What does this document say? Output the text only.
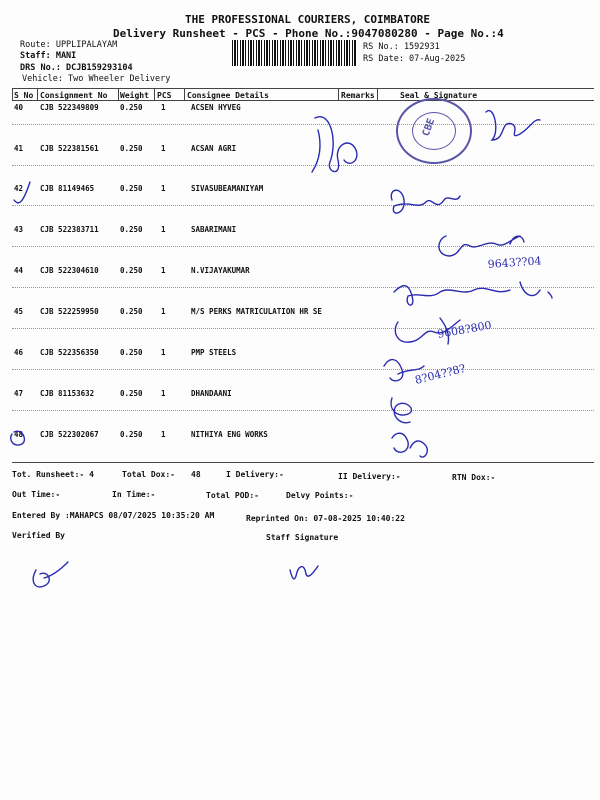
THE PROFESSIONAL COURIERS, COIMBATORE
Delivery Runsheet - PCS - Phone No.:9047080280 - Page No.:4
Route: UPPLIPALAYAM
Staff: MANI
DRS No.: DCJB159293104
Vehicle: Two Wheeler Delivery
RS No.: 1592931
RS Date: 07-Aug-2025
S No Consignment No Weight PCS Consignee Details	Remarks	Seal & Signature
40 CJB 522349809	0.250 1	ACSEN HYVEG
41 CJB 522381561	0.250 1	ACSAN AGRI
42 CJB 81149465	0.250 1	SIVASUBEAMANIYAM
43 CJB 522383711	0.250 1	SABARIMANI
44 CJB 522304610	0.250 1	N.VIJAYAKUMAR
45 CJB 522259950	0.250 1	M/S PERKS MATRICULATION HR SE
46 CJB 522356350	0.250 1	PMP STEELS
47 CJB 81153632	0.250 1	DHANDAANI
48 CJB 522302067	0.250 1	NITHIYA ENG WORKS
CBE
9643??04
9608?800
8?04??8?
Tot. Runsheet:- 4	Total Dox:- 48	I Delivery:-	II Delivery:-	RTN Dox:-
Out Time:-	In Time:-	Total POD:-	Delvy Points:-
Entered By :MAHAPCS 08/07/2025 10:35:20 AM	Reprinted On: 07-08-2025 10:40:22
Verified By	Staff Signature
